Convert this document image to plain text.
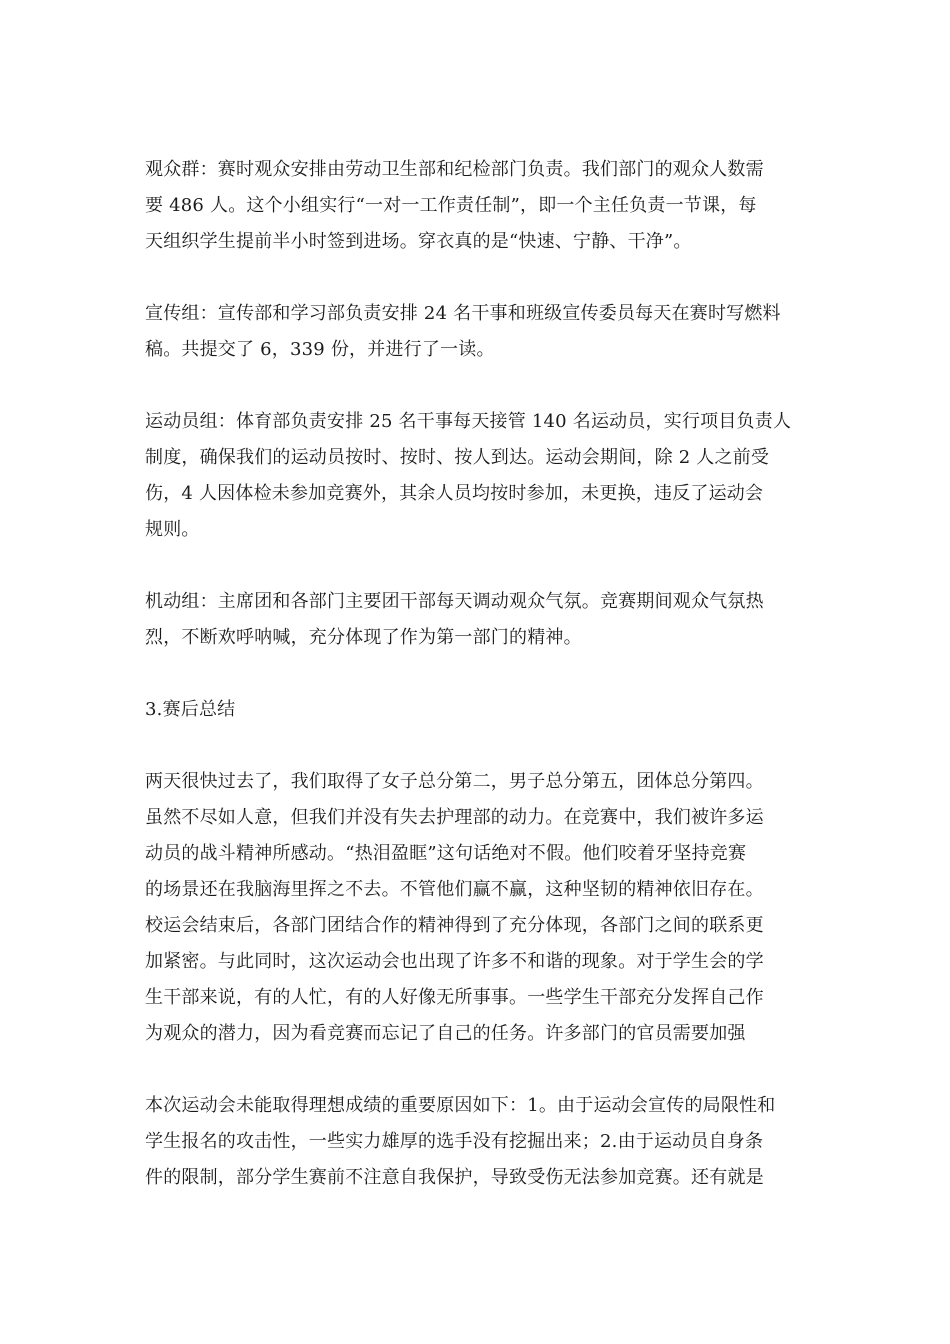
观众群：赛时观众安排由劳动卫生部和纪检部门负责。我们部门的观众人数需
要 486 人。这个小组实行“一对一工作责任制”，即一个主任负责一节课，每
天组织学生提前半小时签到进场。穿衣真的是“快速、宁静、干净”。
宣传组：宣传部和学习部负责安排 24 名干事和班级宣传委员每天在赛时写燃料
稿。共提交了 6，339 份，并进行了一读。
运动员组：体育部负责安排 25 名干事每天接管 140 名运动员，实行项目负责人
制度，确保我们的运动员按时、按时、按人到达。运动会期间，除 2 人之前受
伤，4 人因体检未参加竞赛外，其余人员均按时参加，未更换，违反了运动会
规则。
机动组：主席团和各部门主要团干部每天调动观众气氛。竞赛期间观众气氛热
烈，不断欢呼呐喊，充分体现了作为第一部门的精神。
3.赛后总结
两天很快过去了，我们取得了女子总分第二，男子总分第五，团体总分第四。
虽然不尽如人意，但我们并没有失去护理部的动力。在竞赛中，我们被许多运
动员的战斗精神所感动。“热泪盈眶”这句话绝对不假。他们咬着牙坚持竞赛
的场景还在我脑海里挥之不去。不管他们赢不赢，这种坚韧的精神依旧存在。
校运会结束后，各部门团结合作的精神得到了充分体现，各部门之间的联系更
加紧密。与此同时，这次运动会也出现了许多不和谐的现象。对于学生会的学
生干部来说，有的人忙，有的人好像无所事事。一些学生干部充分发挥自己作
为观众的潜力，因为看竞赛而忘记了自己的任务。许多部门的官员需要加强
本次运动会未能取得理想成绩的重要原因如下：1。由于运动会宣传的局限性和
学生报名的攻击性，一些实力雄厚的选手没有挖掘出来；2.由于运动员自身条
件的限制，部分学生赛前不注意自我保护，导致受伤无法参加竞赛。还有就是
